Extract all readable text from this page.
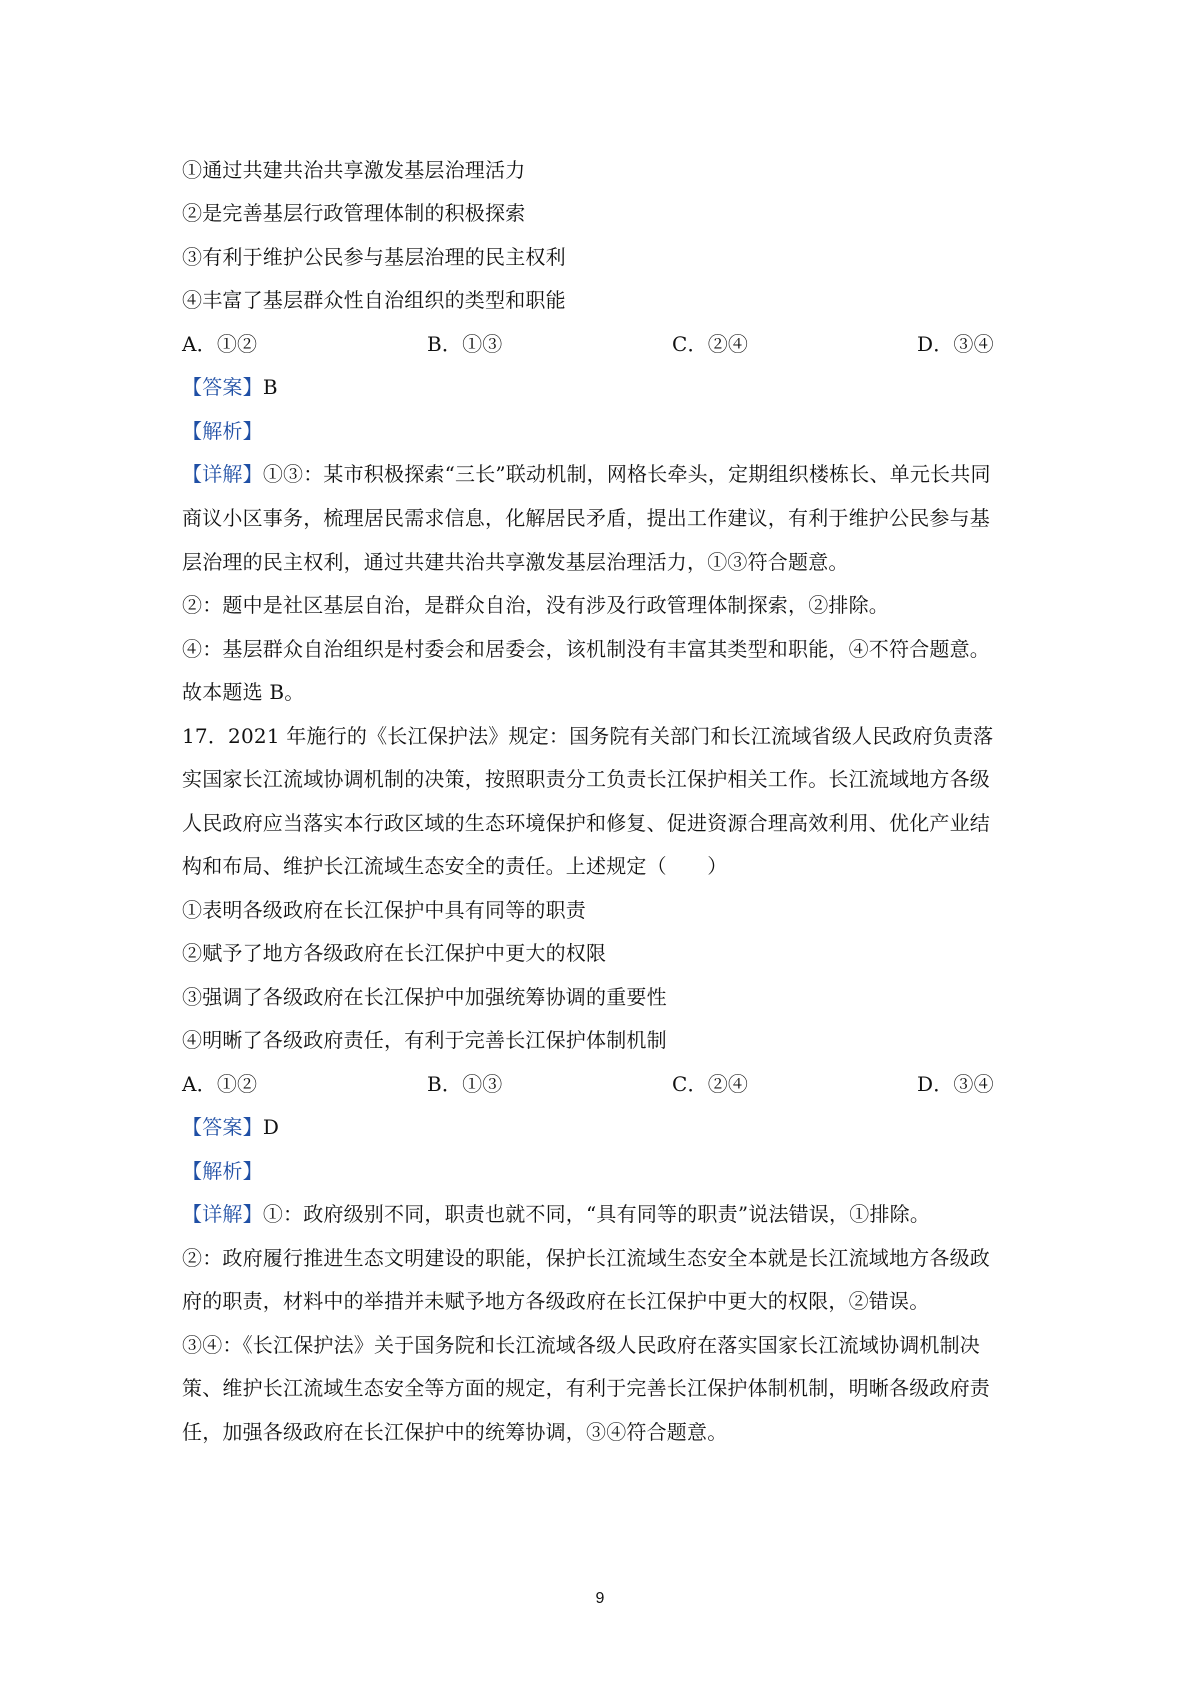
①通过共建共治共享激发基层治理活力
②是完善基层行政管理体制的积极探索
③有利于维护公民参与基层治理的民主权利
④丰富了基层群众性自治组织的类型和职能
A．①②	B．①③	C．②④	D．③④
【答案】B
【解析】
【详解】①③：某市积极探索“三长”联动机制，网格长牵头，定期组织楼栋长、单元长共同
商议小区事务，梳理居民需求信息，化解居民矛盾，提出工作建议，有利于维护公民参与基
层治理的民主权利，通过共建共治共享激发基层治理活力，①③符合题意。
②：题中是社区基层自治，是群众自治，没有涉及行政管理体制探索，②排除。
④：基层群众自治组织是村委会和居委会，该机制没有丰富其类型和职能，④不符合题意。
故本题选 B。
17．2021 年施行的《长江保护法》规定：国务院有关部门和长江流域省级人民政府负责落
实国家长江流域协调机制的决策，按照职责分工负责长江保护相关工作。长江流域地方各级
人民政府应当落实本行政区域的生态环境保护和修复、促进资源合理高效利用、优化产业结
构和布局、维护长江流域生态安全的责任。上述规定（　　）
①表明各级政府在长江保护中具有同等的职责
②赋予了地方各级政府在长江保护中更大的权限
③强调了各级政府在长江保护中加强统筹协调的重要性
④明晰了各级政府责任，有利于完善长江保护体制机制
A．①②	B．①③	C．②④	D．③④
【答案】D
【解析】
【详解】①：政府级别不同，职责也就不同，“具有同等的职责”说法错误，①排除。
②：政府履行推进生态文明建设的职能，保护长江流域生态安全本就是长江流域地方各级政
府的职责，材料中的举措并未赋予地方各级政府在长江保护中更大的权限，②错误。
③④：《长江保护法》关于国务院和长江流域各级人民政府在落实国家长江流域协调机制决
策、维护长江流域生态安全等方面的规定，有利于完善长江保护体制机制，明晰各级政府责
任，加强各级政府在长江保护中的统筹协调，③④符合题意。
9
